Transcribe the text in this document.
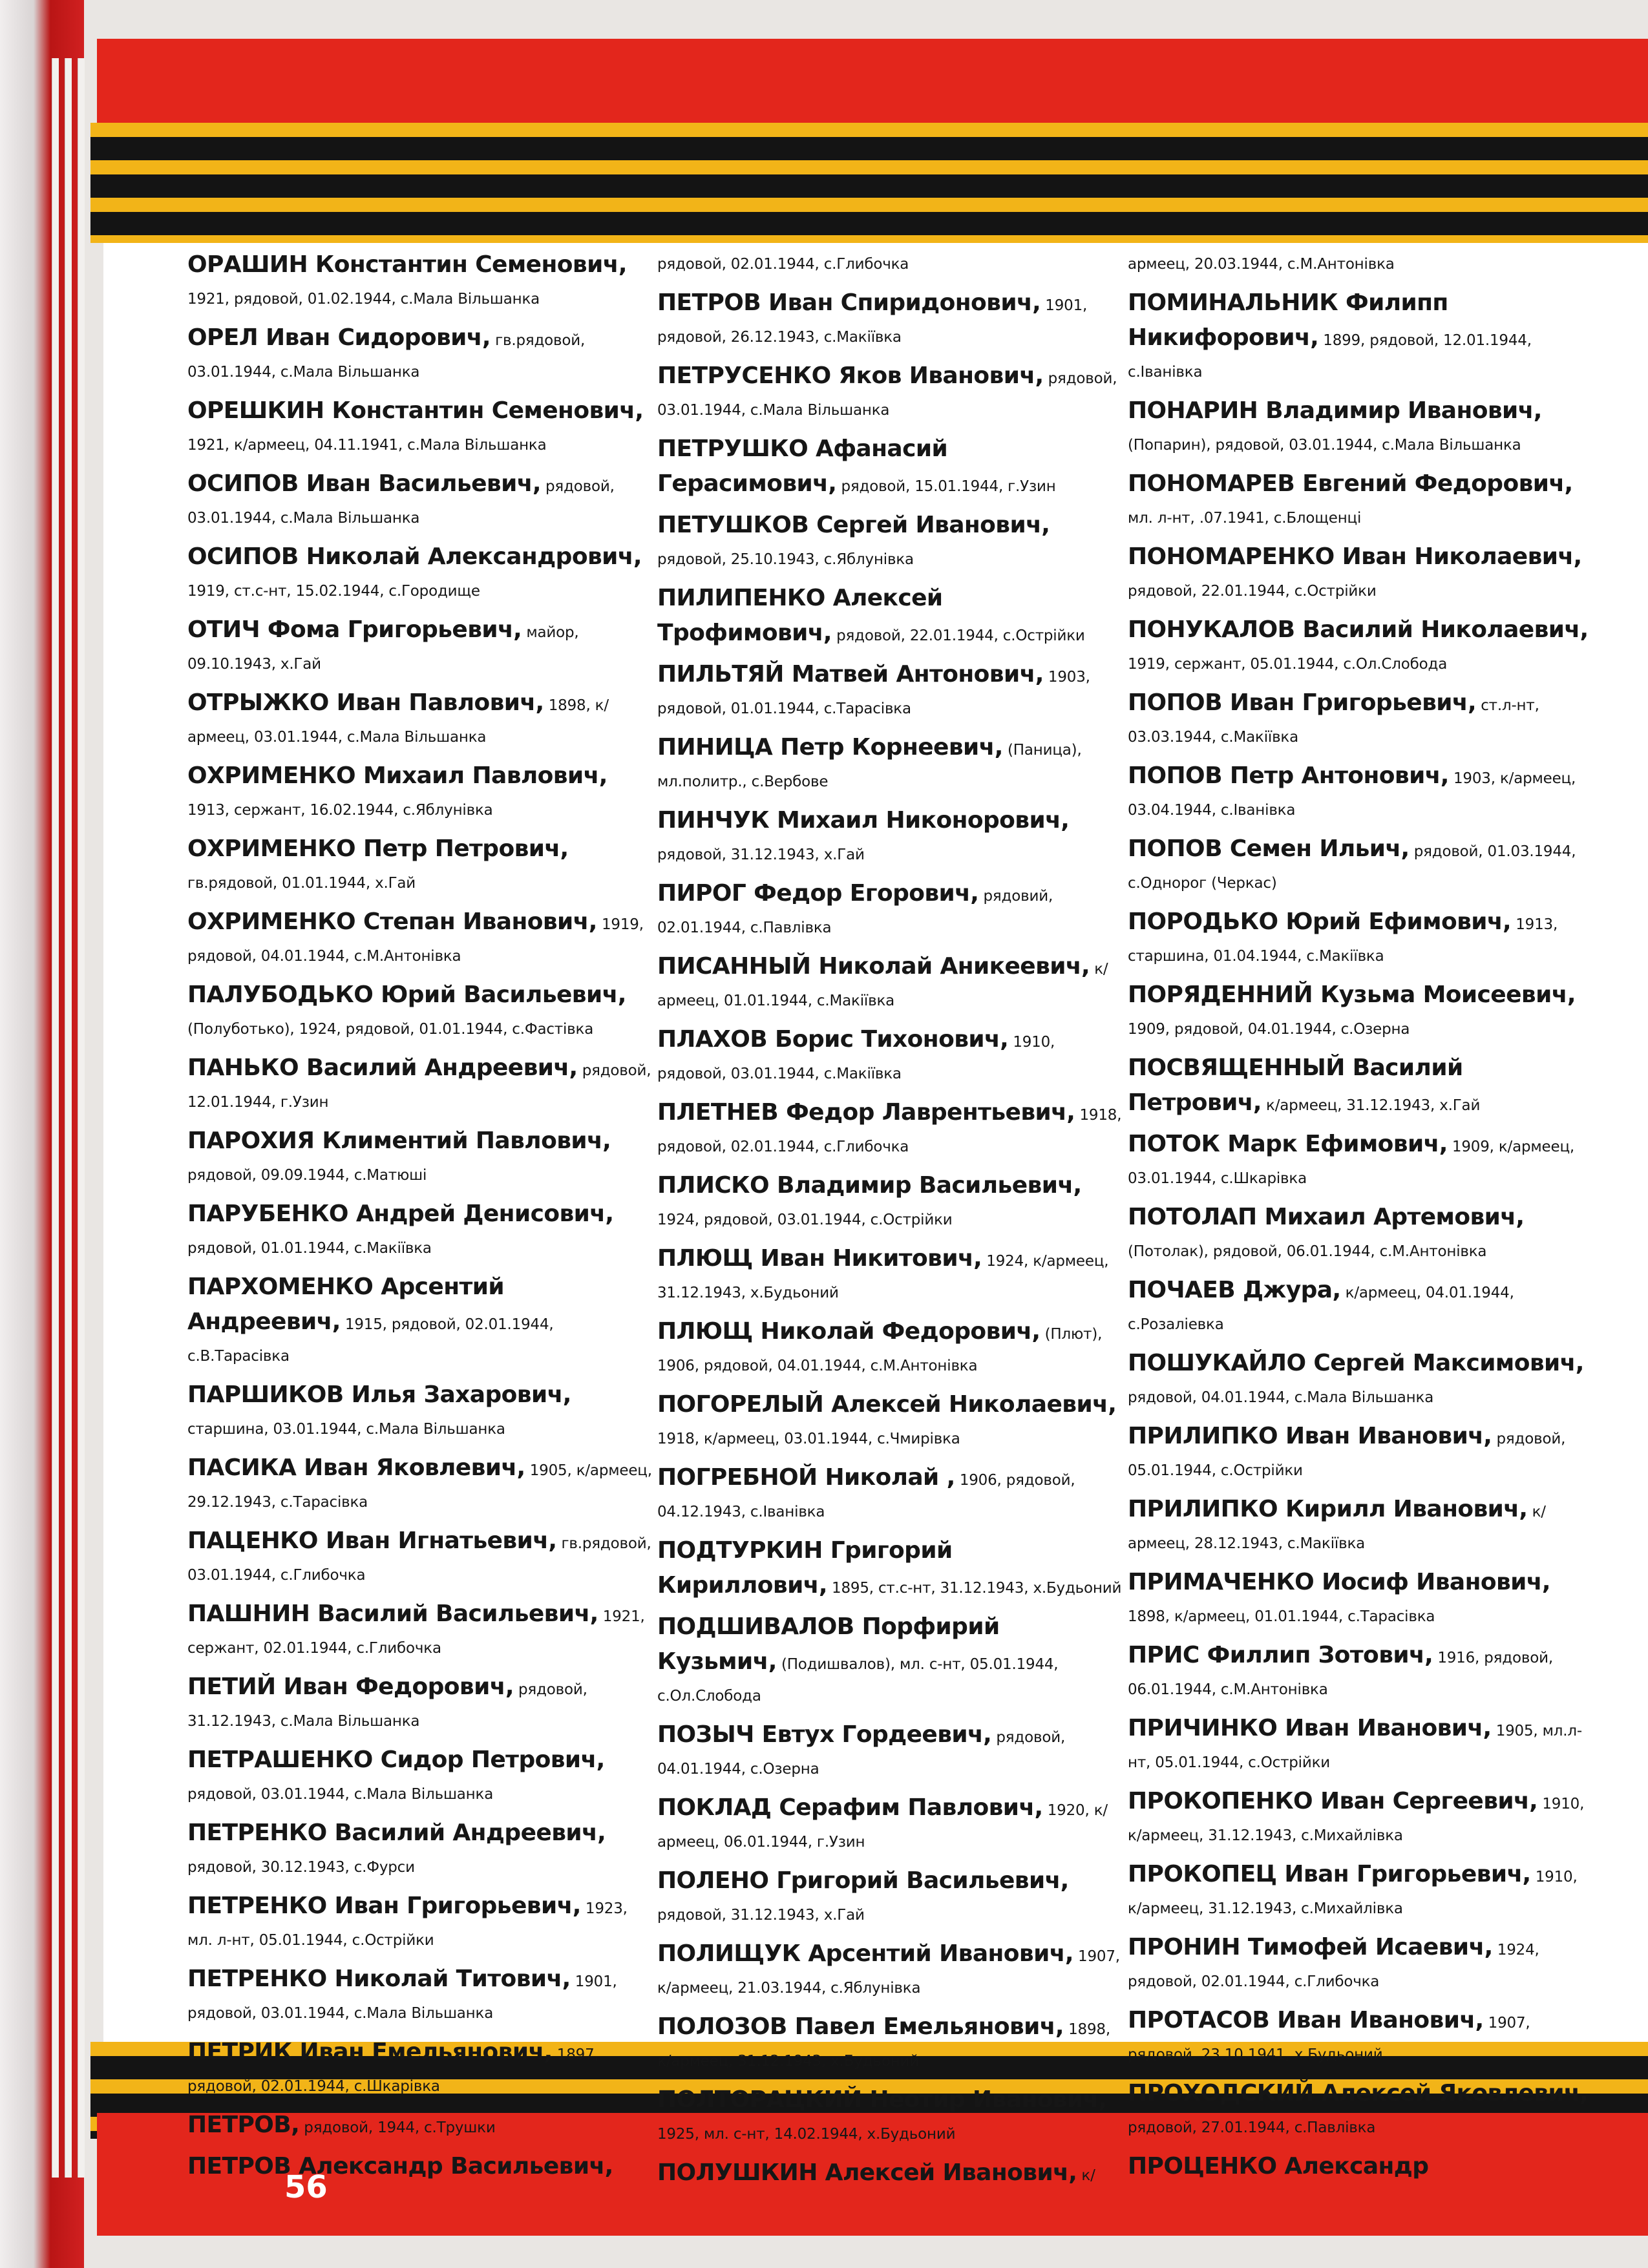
ОРАШИН Константин Семенович, 1921, рядовой, 01.02.1944, с.Мала Вільшанка
ОРЕЛ Иван Сидорович, гв.рядовой, 03.01.1944, с.Мала Вільшанка
ОРЕШКИН Константин Семенович, 1921, к/армеец, 04.11.1941, с.Мала Вільшанка
ОСИПОВ Иван Васильевич, рядовой, 03.01.1944, с.Мала Вільшанка
ОСИПОВ Николай Александрович, 1919, ст.с-нт, 15.02.1944, с.Городище
ОТИЧ Фома Григорьевич, майор, 09.10.1943, х.Гай
ОТРЫЖКО Иван Павлович, 1898, к/армеец, 03.01.1944, с.Мала Вільшанка
ОХРИМЕНКО Михаил Павлович, 1913, сержант, 16.02.1944, с.Яблунівка
ОХРИМЕНКО Петр Петрович, гв.рядовой, 01.01.1944, х.Гай
ОХРИМЕНКО Степан Иванович, 1919, рядовой, 04.01.1944, с.М.Антонівка
ПАЛУБОДЬКО Юрий Васильевич, (Полуботько), 1924, рядовой, 01.01.1944, с.Фастівка
ПАНЬКО Василий Андреевич, рядовой, 12.01.1944, г.Узин
ПАРОХИЯ Климентий Павлович, рядовой, 09.09.1944, с.Матюші
ПАРУБЕНКО Андрей Денисович, рядовой, 01.01.1944, с.Макіївка
ПАРХОМЕНКО Арсентий Андреевич, 1915, рядовой, 02.01.1944, с.В.Тарасівка
ПАРШИКОВ Илья Захарович, старшина, 03.01.1944, с.Мала Вільшанка
ПАСИКА Иван Яковлевич, 1905, к/армеец, 29.12.1943, с.Тарасівка
ПАЦЕНКО Иван Игнатьевич, гв.рядовой, 03.01.1944, с.Глибочка
ПАШНИН Василий Васильевич, 1921, сержант, 02.01.1944, с.Глибочка
ПЕТИЙ Иван Федорович, рядовой, 31.12.1943, с.Мала Вільшанка
ПЕТРАШЕНКО Сидор Петрович, рядовой, 03.01.1944, с.Мала Вільшанка
ПЕТРЕНКО Василий Андреевич, рядовой, 30.12.1943, с.Фурси
ПЕТРЕНКО Иван Григорьевич, 1923, мл. л-нт, 05.01.1944, с.Острійки
ПЕТРЕНКО Николай Титович, 1901, рядовой, 03.01.1944, с.Мала Вільшанка
ПЕТРИК Иван Емельянович, 1897, рядовой, 02.01.1944, с.Шкарівка
ПЕТРОВ, рядовой, 1944, с.Трушки
ПЕТРОВ Александр Васильевич,
рядовой, 02.01.1944, с.Глибочка
ПЕТРОВ Иван Спиридонович, 1901, рядовой, 26.12.1943, с.Макіївка
ПЕТРУСЕНКО Яков Иванович, рядовой, 03.01.1944, с.Мала Вільшанка
ПЕТРУШКО Афанасий Герасимович, рядовой, 15.01.1944, г.Узин
ПЕТУШКОВ Сергей Иванович, рядовой, 25.10.1943, с.Яблунівка
ПИЛИПЕНКО Алексей Трофимович, рядовой, 22.01.1944, с.Острійки
ПИЛЬТЯЙ Матвей Антонович, 1903, рядовой, 01.01.1944, с.Тарасівка
ПИНИЦА Петр Корнеевич, (Паница), мл.политр., с.Вербове
ПИНЧУК Михаил Никонорович, рядовой, 31.12.1943, х.Гай
ПИРОГ Федор Егорович, рядовий, 02.01.1944, с.Павлівка
ПИСАННЫЙ Николай Аникеевич, к/армеец, 01.01.1944, с.Макіївка
ПЛАХОВ Борис Тихонович, 1910, рядовой, 03.01.1944, с.Макіївка
ПЛЕТНЕВ Федор Лаврентьевич, 1918, рядовой, 02.01.1944, с.Глибочка
ПЛИСКО Владимир Васильевич, 1924, рядовой, 03.01.1944, с.Острійки
ПЛЮЩ Иван Никитович, 1924, к/армеец, 31.12.1943, х.Будьоний
ПЛЮЩ Николай Федорович, (Плют), 1906, рядовой, 04.01.1944, с.М.Антонівка
ПОГОРЕЛЫЙ Алексей Николаевич, 1918, к/армеец, 03.01.1944, с.Чмирівка
ПОГРЕБНОЙ Николай , 1906, рядовой, 04.12.1943, с.Іванівка
ПОДТУРКИН Григорий Кириллович, 1895, ст.с-нт, 31.12.1943, х.Будьоний
ПОДШИВАЛОВ Порфирий Кузьмич, (Подишвалов), мл. с-нт, 05.01.1944, с.Ол.Слобода
ПОЗЫЧ Евтух Гордеевич, рядовой, 04.01.1944, с.Озерна
ПОКЛАД Серафим Павлович, 1920, к/армеец, 06.01.1944, г.Узин
ПОЛЕНО Григорий Васильевич, рядовой, 31.12.1943, х.Гай
ПОЛИЩУК Арсентий Иванович, 1907, к/армеец, 21.03.1944, с.Яблунівка
ПОЛОЗОВ Павел Емельянович, 1898, к/армеец, 31.12.1943, х.Будьоний
ПОЛТОРАЦКИЙ Неотир Иванович, 1925, мл. с-нт, 14.02.1944, х.Будьоний
ПОЛУШКИН Алексей Иванович, к/
армеец, 20.03.1944, с.М.Антонівка
ПОМИНАЛЬНИК Филипп Никифорович, 1899, рядовой, 12.01.1944, с.Іванівка
ПОНАРИН Владимир Иванович, (Попарин), рядовой, 03.01.1944, с.Мала Вільшанка
ПОНОМАРЕВ Евгений Федорович, мл. л-нт, .07.1941, с.Блощенці
ПОНОМАРЕНКО Иван Николаевич, рядовой, 22.01.1944, с.Острійки
ПОНУКАЛОВ Василий Николаевич, 1919, сержант, 05.01.1944, с.Ол.Слобода
ПОПОВ Иван Григорьевич, ст.л-нт, 03.03.1944, с.Макіївка
ПОПОВ Петр Антонович, 1903, к/армеец, 03.04.1944, с.Іванівка
ПОПОВ Семен Ильич, рядовой, 01.03.1944, с.Однорог (Черкас)
ПОРОДЬКО Юрий Ефимович, 1913, старшина, 01.04.1944, с.Макіївка
ПОРЯДЕННИЙ Кузьма Моисеевич, 1909, рядовой, 04.01.1944, с.Озерна
ПОСВЯЩЕННЫЙ Василий Петрович, к/армеец, 31.12.1943, х.Гай
ПОТОК Марк Ефимович, 1909, к/армеец, 03.01.1944, с.Шкарівка
ПОТОЛАП Михаил Артемович, (Потолак), рядовой, 06.01.1944, с.М.Антонівка
ПОЧАЕВ Джура, к/армеец, 04.01.1944, с.Розаліевка
ПОШУКАЙЛО Сергей Максимович, рядовой, 04.01.1944, с.Мала Вільшанка
ПРИЛИПКО Иван Иванович, рядовой, 05.01.1944, с.Острійки
ПРИЛИПКО Кирилл Иванович, к/армеец, 28.12.1943, с.Макіївка
ПРИМАЧЕНКО Иосиф Иванович, 1898, к/армеец, 01.01.1944, с.Тарасівка
ПРИС Филлип Зотович, 1916, рядовой, 06.01.1944, с.М.Антонівка
ПРИЧИНКО Иван Иванович, 1905, мл.л-нт, 05.01.1944, с.Острійки
ПРОКОПЕНКО Иван Сергеевич, 1910, к/армеец, 31.12.1943, с.Михайлівка
ПРОКОПЕЦ Иван Григорьевич, 1910, к/армеец, 31.12.1943, с.Михайлівка
ПРОНИН Тимофей Исаевич, 1924, рядовой, 02.01.1944, с.Глибочка
ПРОТАСОВ Иван Иванович, 1907, рядовой, 23.10.1941, х.Будьоний
ПРОХОДСКИЙ Алексей Яковлевич, рядовой, 27.01.1944, с.Павлівка
ПРОЦЕНКО Александр
56
